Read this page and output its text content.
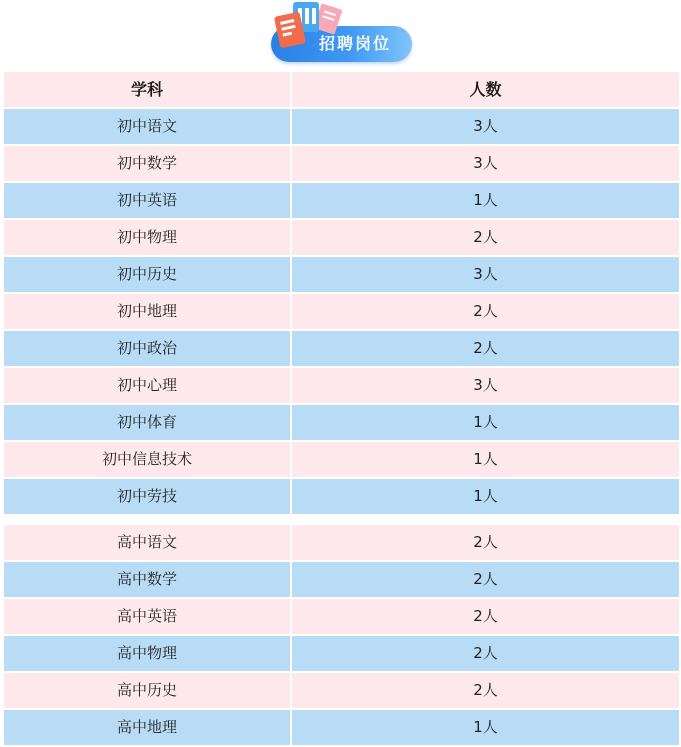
招聘岗位
学科	人数
初中语文	3人
初中数学	3人
初中英语	1人
初中物理	2人
初中历史	3人
初中地理	2人
初中政治	2人
初中心理	3人
初中体育	1人
初中信息技术	1人
初中劳技	1人
高中语文	2人
高中数学	2人
高中英语	2人
高中物理	2人
高中历史	2人
高中地理	1人
